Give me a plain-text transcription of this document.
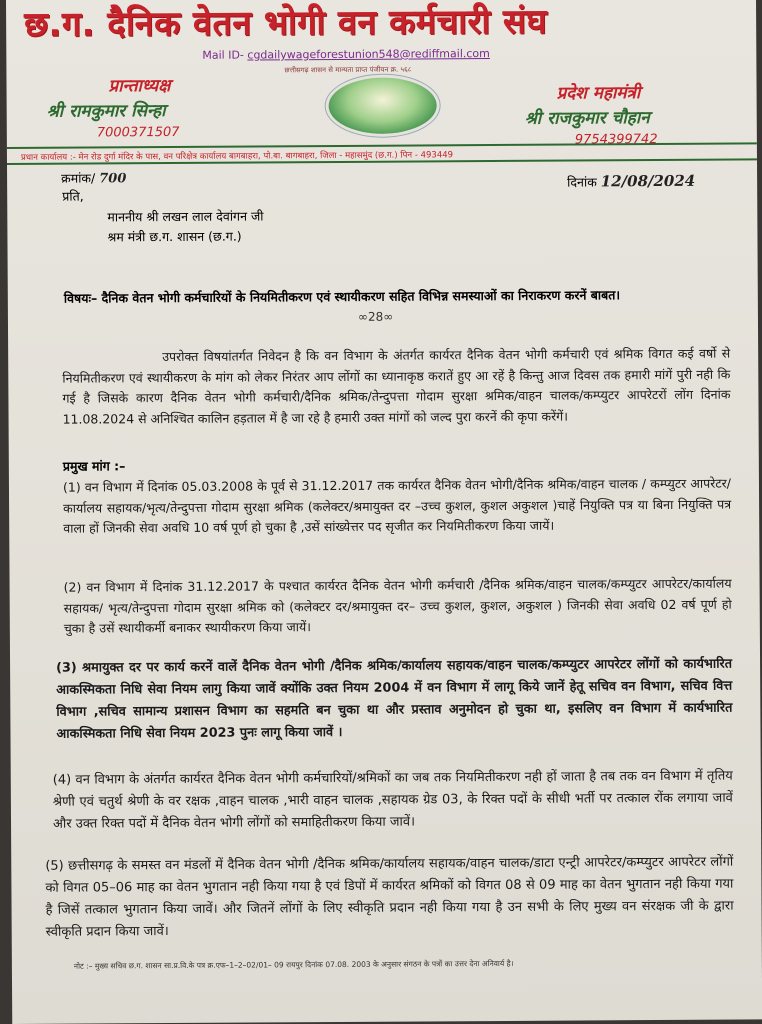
छ.ग. दैनिक वेतन भोगी वन कर्मचारी संघ
Mail ID- cgdailywageforestunion548@rediffmail.com
छत्तीसगढ़ शासन से मान्यता प्राप्त पंजीयन क्र. ५६८
प्रान्ताध्यक्ष
श्री रामकुमार सिन्हा
7000371507
प्रदेश महामंत्री
श्री राजकुमार चौहान
9754399742
प्रधान कार्यालय :- मेन रोड दुर्गा मंदिर के पास, वन परिक्षेत्र कार्यालय बागबाहरा, पो.बा. बागबाहरा, जिला - महासमुंद (छ.ग.) पिन - 493449
क्रमांक/ 700	दिनांक 12/08/2024
प्रति,
माननीय श्री लखन लाल देवांगन जी
श्रम मंत्री छ.ग. शासन (छ.ग.)
विषयः– दैनिक वेतन भोगी कर्मचारियों के नियमितीकरण एवं स्थायीकरण सहित विभिन्न समस्याओं का निराकरण करनें बाबत।
∞28∞
उपरोक्त विषयांतर्गत निवेदन है कि वन विभाग के अंतर्गत कार्यरत दैनिक वेतन भोगी कर्मचारी एवं श्रमिक विगत कई वर्षो से नियमितीकरण एवं स्थायीकरण के मांग को लेकर निरंतर आप लोंगों का ध्यानाकृष्ठ करातें हुए आ रहें है किन्तु आज दिवस तक हमारी मांगें पुरी नही कि गई है जिसके कारण दैनिक वेतन भोगी कर्मचारी/दैनिक श्रमिक/तेन्दुपत्ता गोदाम सुरक्षा श्रमिक/वाहन चालक/कम्प्युटर आपरेटरों लोंग दिनांक 11.08.2024 से अनिश्चित कालिन हड़ताल में है जा रहे है हमारी उक्त मांगों को जल्द पुरा करनें की कृपा करेंगें।
प्रमुख मांग :–
(1) वन विभाग में दिनांक 05.03.2008 के पूर्व से 31.12.2017 तक कार्यरत दैनिक वेतन भोगी/दैनिक श्रमिक/वाहन चालक / कम्प्युटर आपरेटर/कार्यालय सहायक/भृत्य/तेन्दुपत्ता गोदाम सुरक्षा श्रमिक (कलेक्टर/श्रमायुक्त दर –उच्च कुशल, कुशल अकुशल )चाहें नियुक्ति पत्र या बिना नियुक्ति पत्र वाला हों जिनकी सेवा अवधि 10 वर्ष पूर्ण हो चुका है ,उसें सांख्येत्तर पद सृजीत कर नियमितीकरण किया जायें।
(2) वन विभाग में दिनांक 31.12.2017 के पश्चात कार्यरत दैनिक वेतन भोगी कर्मचारी /दैनिक श्रमिक/वाहन चालक/कम्प्युटर आपरेटर/कार्यालय सहायक/ भृत्य/तेन्दुपत्ता गोदाम सुरक्षा श्रमिक को (कलेक्टर दर/श्रमायुक्त दर– उच्च कुशल, कुशल, अकुशल ) जिनकी सेवा अवधि 02 वर्ष पूर्ण हो चुका है उसें स्थायीकर्मी बनाकर स्थायीकरण किया जायें।
(3) श्रमायुक्त दर पर कार्य करनें वालें दैनिक वेतन भोगी /दैनिक श्रमिक/कार्यालय सहायक/वाहन चालक/कम्प्युटर आपरेटर लोंगों को कार्यभारित आकस्मिकता निधि सेवा नियम लागु किया जावें क्योंकि उक्त नियम 2004 में वन विभाग में लागू किये जानें हेतू सचिव वन विभाग, सचिव वित्त विभाग ,सचिव सामान्य प्रशासन विभाग का सहमति बन चुका था और प्रस्ताव अनुमोदन हो चुका था, इसलिए वन विभाग में कार्यभारित आकस्मिकता निधि सेवा नियम 2023 पुनः लागू किया जावें ।
(4) वन विभाग के अंतर्गत कार्यरत दैनिक वेतन भोगी कर्मचारियों/श्रमिकों का जब तक नियमितीकरण नही हों जाता है तब तक वन विभाग में तृतिय श्रेणी एवं चतुर्थ श्रेणी के वर रक्षक ,वाहन चालक ,भारी वाहन चालक ,सहायक ग्रेड 03, के रिक्त पदों के सीधी भर्ती पर तत्काल रोंक लगाया जावें और उक्त रिक्त पदों में दैनिक वेतन भोगी लोंगों को समाहितीकरण किया जावें।
(5) छत्तीसगढ़ के समस्त वन मंडलों में दैनिक वेतन भोगी /दैनिक श्रमिक/कार्यालय सहायक/वाहन चालक/डाटा एन्ट्री आपरेटर/कम्प्युटर आपरेटर लोंगों को विगत 05–06 माह का वेतन भुगतान नही किया गया है एवं डिपों में कार्यरत श्रमिकों को विगत 08 से 09 माह का वेतन भुगतान नही किया गया है जिसें तत्काल भुगतान किया जावें। और जितनें लोंगों के लिए स्वीकृति प्रदान नही किया गया है उन सभी के लिए मुख्य वन संरक्षक जी के द्वारा स्वीकृति प्रदान किया जावें।
नोट :– मुख्य सचिव छ.ग. शासन सा.प्र.वि.के पत्र क्र.एफ–1–2–02/01– 09 रायपुर दिनांक 07.08. 2003 के अनुसार संगठन के पत्रों का उत्तर देना अनिवार्य है।
